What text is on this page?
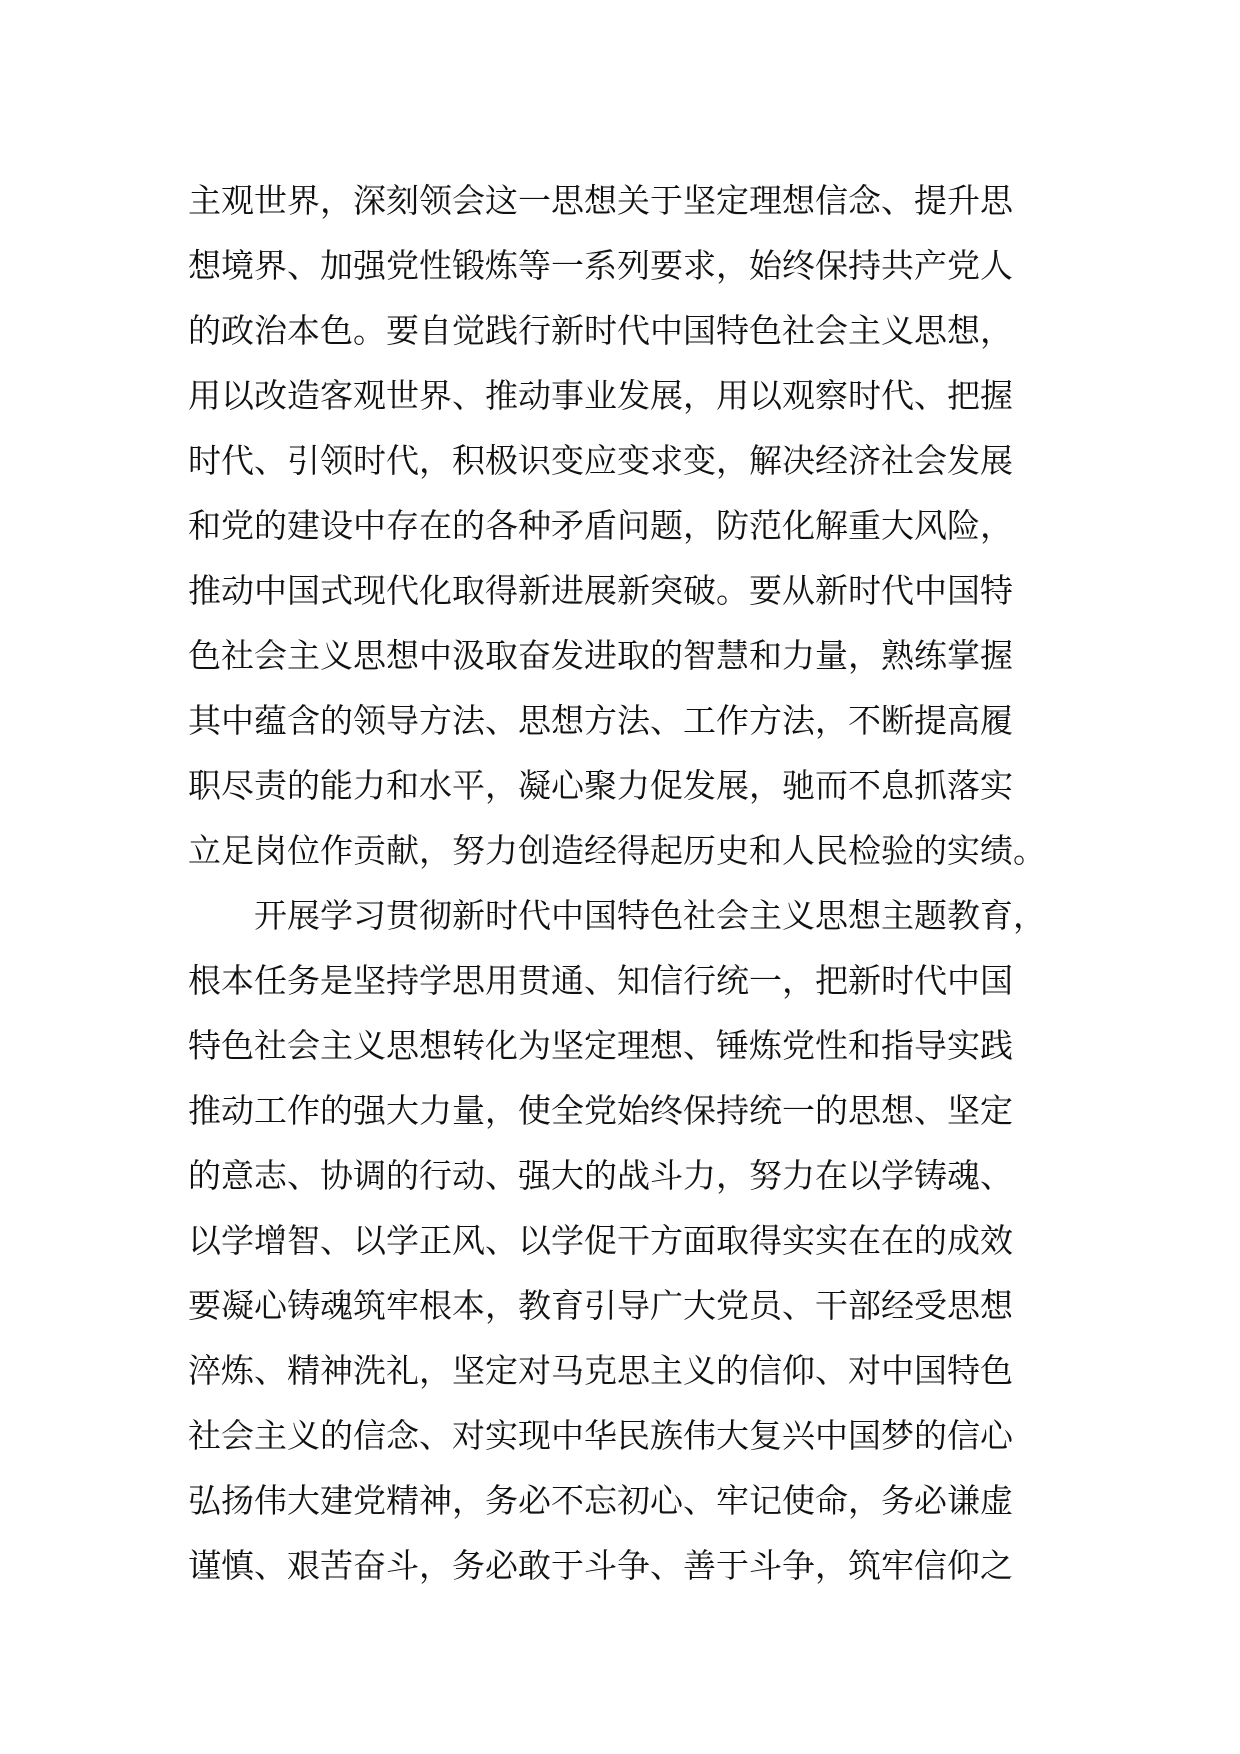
主观世界，深刻领会这一思想关于坚定理想信念、提升思

想境界、加强党性锻炼等一系列要求，始终保持共产党人

的政治本色。要自觉践行新时代中国特色社会主义思想，

用以改造客观世界、推动事业发展，用以观察时代、把握

时代、引领时代，积极识变应变求变，解决经济社会发展

和党的建设中存在的各种矛盾问题，防范化解重大风险，

推动中国式现代化取得新进展新突破。要从新时代中国特

色社会主义思想中汲取奋发进取的智慧和力量，熟练掌握

其中蕴含的领导方法、思想方法、工作方法，不断提高履

职尽责的能力和水平，凝心聚力促发展，驰而不息抓落实

立足岗位作贡献，努力创造经得起历史和人民检验的实绩。

开展学习贯彻新时代中国特色社会主义思想主题教育，

根本任务是坚持学思用贯通、知信行统一，把新时代中国

特色社会主义思想转化为坚定理想、锤炼党性和指导实践

推动工作的强大力量，使全党始终保持统一的思想、坚定

的意志、协调的行动、强大的战斗力，努力在以学铸魂、

以学增智、以学正风、以学促干方面取得实实在在的成效

要凝心铸魂筑牢根本，教育引导广大党员、干部经受思想

淬炼、精神洗礼，坚定对马克思主义的信仰、对中国特色

社会主义的信念、对实现中华民族伟大复兴中国梦的信心

弘扬伟大建党精神，务必不忘初心、牢记使命，务必谦虚

谨慎、艰苦奋斗，务必敢于斗争、善于斗争，筑牢信仰之
